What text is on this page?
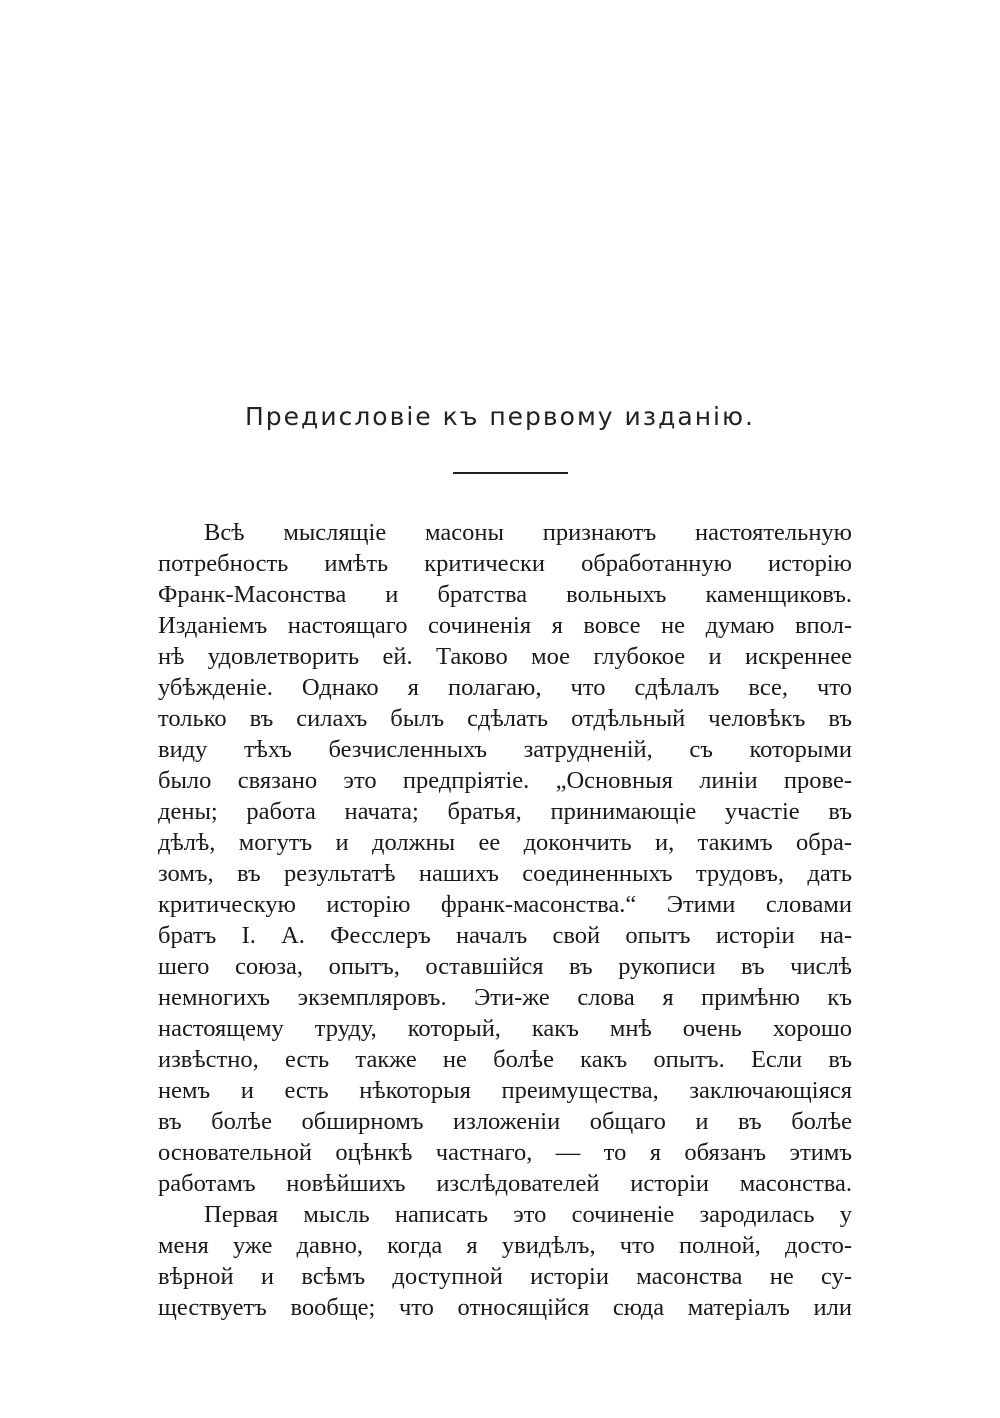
Предисловіе къ первому изданію.
Всѣ мыслящіе масоны признаютъ настоятельную
потребность имѣть критически обработанную исторію
Франк-Масонства и братства вольныхъ каменщиковъ.
Изданіемъ настоящаго сочиненія я вовсе не думаю впол-
нѣ удовлетворить ей. Таково мое глубокое и искреннее
убѣжденіе. Однако я полагаю, что сдѣлалъ все, что
только въ силахъ былъ сдѣлать отдѣльный человѣкъ въ
виду тѣхъ безчисленныхъ затрудненій, съ которыми
было связано это предпріятіе. „Основныя линіи прове-
дены; работа начата; братья, принимающіе участіе въ
дѣлѣ, могутъ и должны ее докончить и, такимъ обра-
зомъ, въ результатѣ нашихъ соединенныхъ трудовъ, дать
критическую исторію франк-масонства.“ Этими словами
братъ І. А. Фесслеръ началъ свой опытъ исторіи на-
шего союза, опытъ, оставшійся въ рукописи въ числѣ
немногихъ экземпляровъ. Эти-же слова я примѣню къ
настоящему труду, который, какъ мнѣ очень хорошо
извѣстно, есть также не болѣе какъ опытъ. Если въ
немъ и есть нѣкоторыя преимущества, заключающіяся
въ болѣе обширномъ изложеніи общаго и въ болѣе
основательной оцѣнкѣ частнаго, — то я обязанъ этимъ
работамъ новѣйшихъ изслѣдователей исторіи масонства.
Первая мысль написать это сочиненіе зародилась у
меня уже давно, когда я увидѣлъ, что полной, досто-
вѣрной и всѣмъ доступной исторіи масонства не су-
ществуетъ вообще; что относящійся сюда матеріалъ или
